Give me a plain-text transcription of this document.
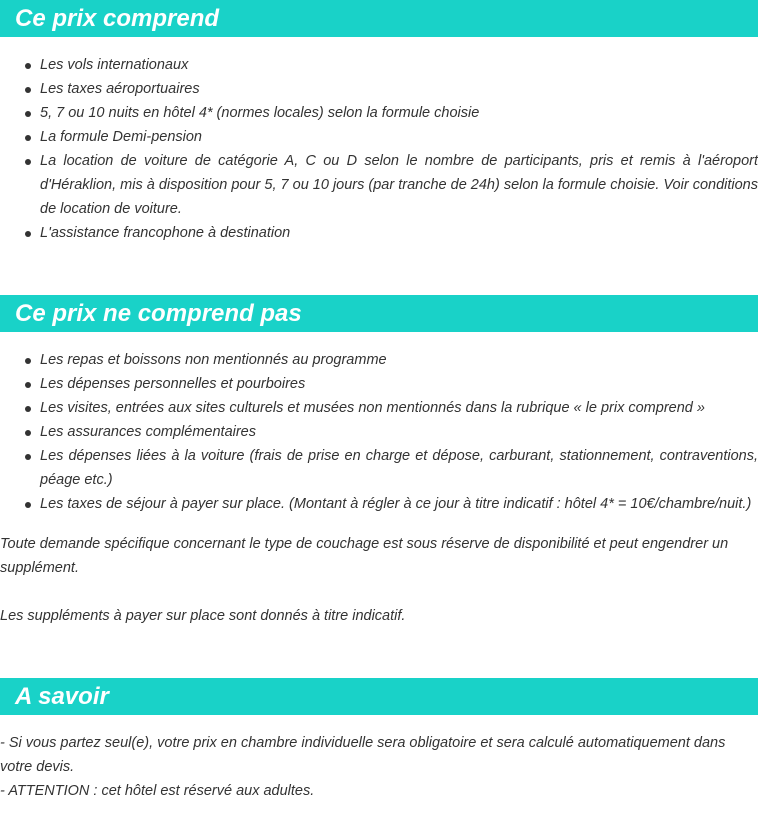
Ce prix comprend
Les vols internationaux
Les taxes aéroportuaires
5, 7 ou 10 nuits en hôtel 4* (normes locales) selon la formule choisie
La formule Demi-pension
La location de voiture de catégorie A, C ou D selon le nombre de participants, pris et remis à l'aéroport d'Héraklion, mis à disposition pour 5, 7 ou 10 jours (par tranche de 24h) selon la formule choisie. Voir conditions de location de voiture.
L'assistance francophone à destination
Ce prix ne comprend pas
Les repas et boissons non mentionnés au programme
Les dépenses personnelles et pourboires
Les visites, entrées aux sites culturels et musées non mentionnés dans la rubrique « le prix comprend »
Les assurances complémentaires
Les dépenses liées à la voiture (frais de prise en charge et dépose, carburant, stationnement, contraventions, péage etc.)
Les taxes de séjour à payer sur place. (Montant à régler à ce jour à titre indicatif : hôtel 4* = 10€/chambre/nuit.)

Toute demande spécifique concernant le type de couchage est sous réserve de disponibilité et peut engendrer un supplément.

Les suppléments à payer sur place sont donnés à titre indicatif.

A savoir

- Si vous partez seul(e), votre prix en chambre individuelle sera obligatoire et sera calculé automatiquement dans votre devis.

- ATTENTION : cet hôtel est réservé aux adultes.
